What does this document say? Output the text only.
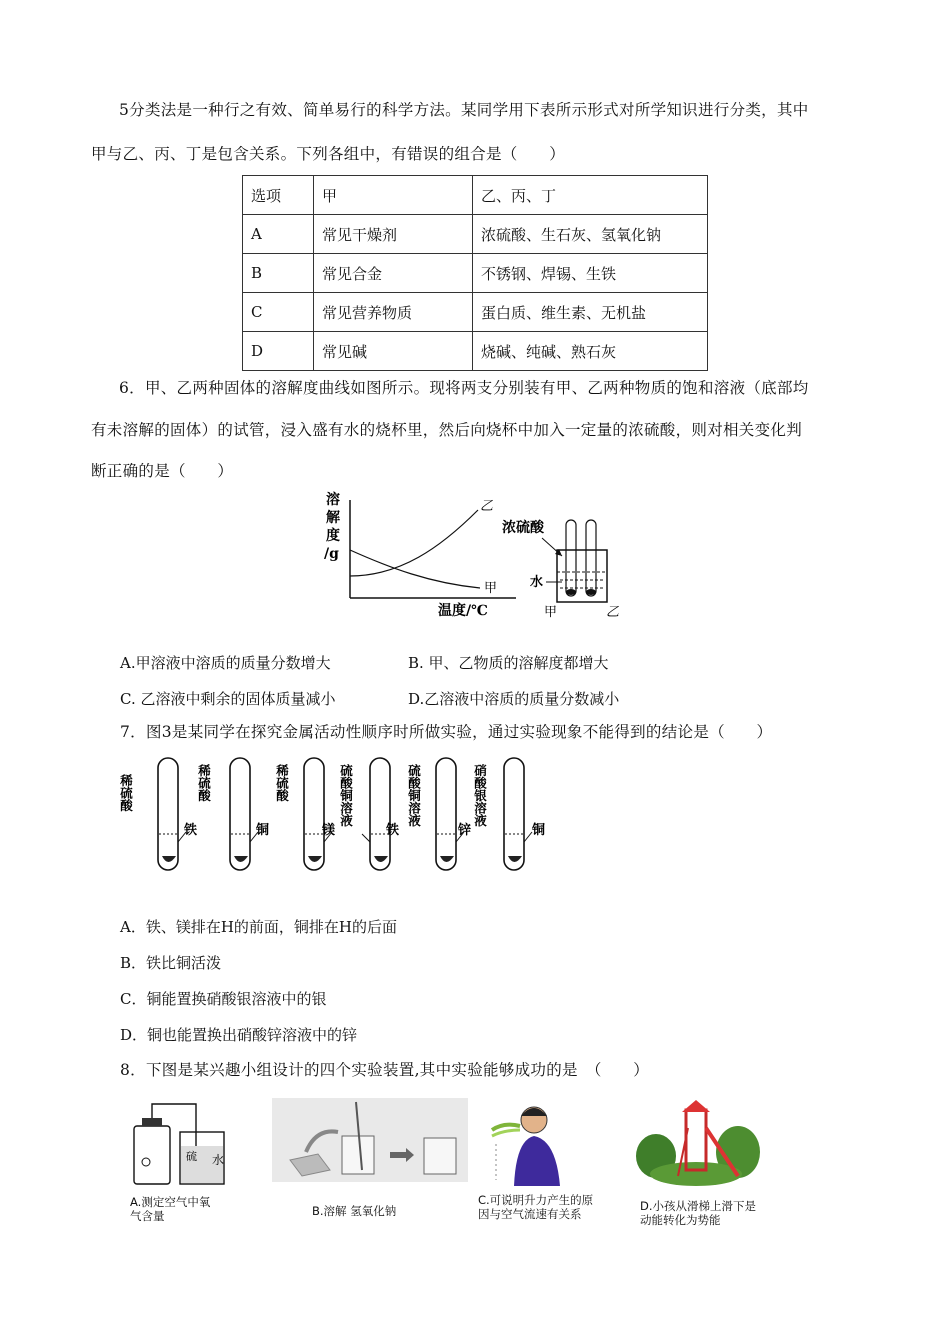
5分类法是一种行之有效、简单易行的科学方法。某同学用下表所示形式对所学知识进行分类，其中
甲与乙、丙、丁是包含关系。下列各组中，有错误的组合是（　　）
选项	甲	乙、丙、丁
A	常见干燥剂	浓硫酸、生石灰、氢氧化钠
B	常见合金	不锈钢、焊锡、生铁
C	常见营养物质	蛋白质、维生素、无机盐
D	常见碱	烧碱、纯碱、熟石灰
6．甲、乙两种固体的溶解度曲线如图所示。现将两支分别装有甲、乙两种物质的饱和溶液（底部均
有未溶解的固体）的试管，浸入盛有水的烧杯里，然后向烧杯中加入一定量的浓硫酸，则对相关变化判
断正确的是（　　）
溶
解
度
/g
甲
乙
温度/℃
浓硫酸
水
甲	乙
A.甲溶液中溶质的质量分数增大	B. 甲、乙物质的溶解度都增大
C. 乙溶液中剩余的固体质量减小	D.乙溶液中溶质的质量分数减小
7．图3是某同学在探究金属活动性顺序时所做实验，通过实验现象不能得到的结论是（　　）
稀硫酸
铁
稀硫酸
铜
稀硫酸
镁
硫酸铜溶液
铁
硫酸铜溶液
锌
硝酸银溶液
铜
A．铁、镁排在H的前面，铜排在H的后面
B．铁比铜活泼
C．铜能置换硝酸银溶液中的银
D．铜也能置换出硝酸锌溶液中的锌
8．下图是某兴趣小组设计的四个实验装置,其中实验能够成功的是　（　　）
硫 水
A.测定空气中氧
气含量	B.溶解 氢氧化钠
C.可说明升力产生的原
因与空气流速有关系
D.小孩从滑梯上滑下是
动能转化为势能
